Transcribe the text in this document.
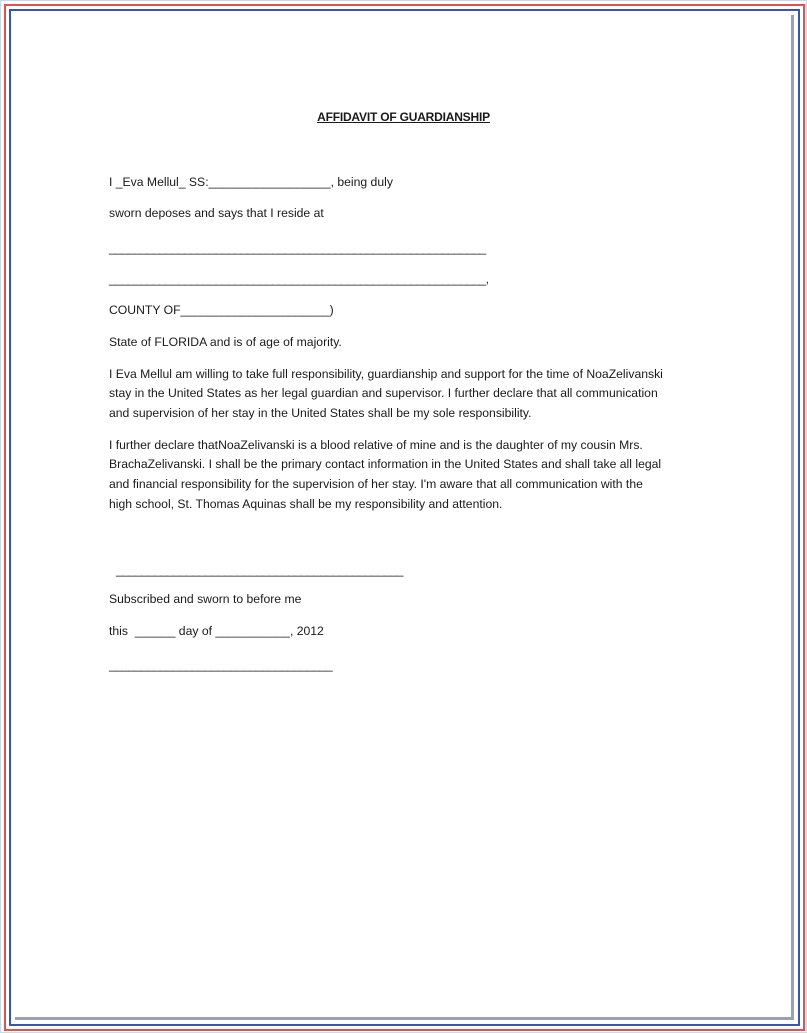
AFFIDAVIT OF GUARDIANSHIP
I _Eva Mellul_ SS:__________________, being duly
sworn deposes and says that I reside at
____________________________________________________________
____________________________________________________________,
COUNTY OF______________________)
State of FLORIDA and is of age of majority.
I Eva Mellul am willing to take full responsibility, guardianship and support for the time of NoaZelivanski
stay in the United States as her legal guardian and supervisor. I further declare that all communication
and supervision of her stay in the United States shall be my sole responsibility.
I further declare thatNoaZelivanski is a blood relative of mine and is the daughter of my cousin Mrs.
BrachaZelivanski. I shall be the primary contact information in the United States and shall take all legal
and financial responsibility for the supervision of her stay. I'm aware that all communication with the
high school, St. Thomas Aquinas shall be my responsibility and attention.
_____________________________________________
Subscribed and sworn to before me
this  ______ day of ___________, 2012
___________________________________
